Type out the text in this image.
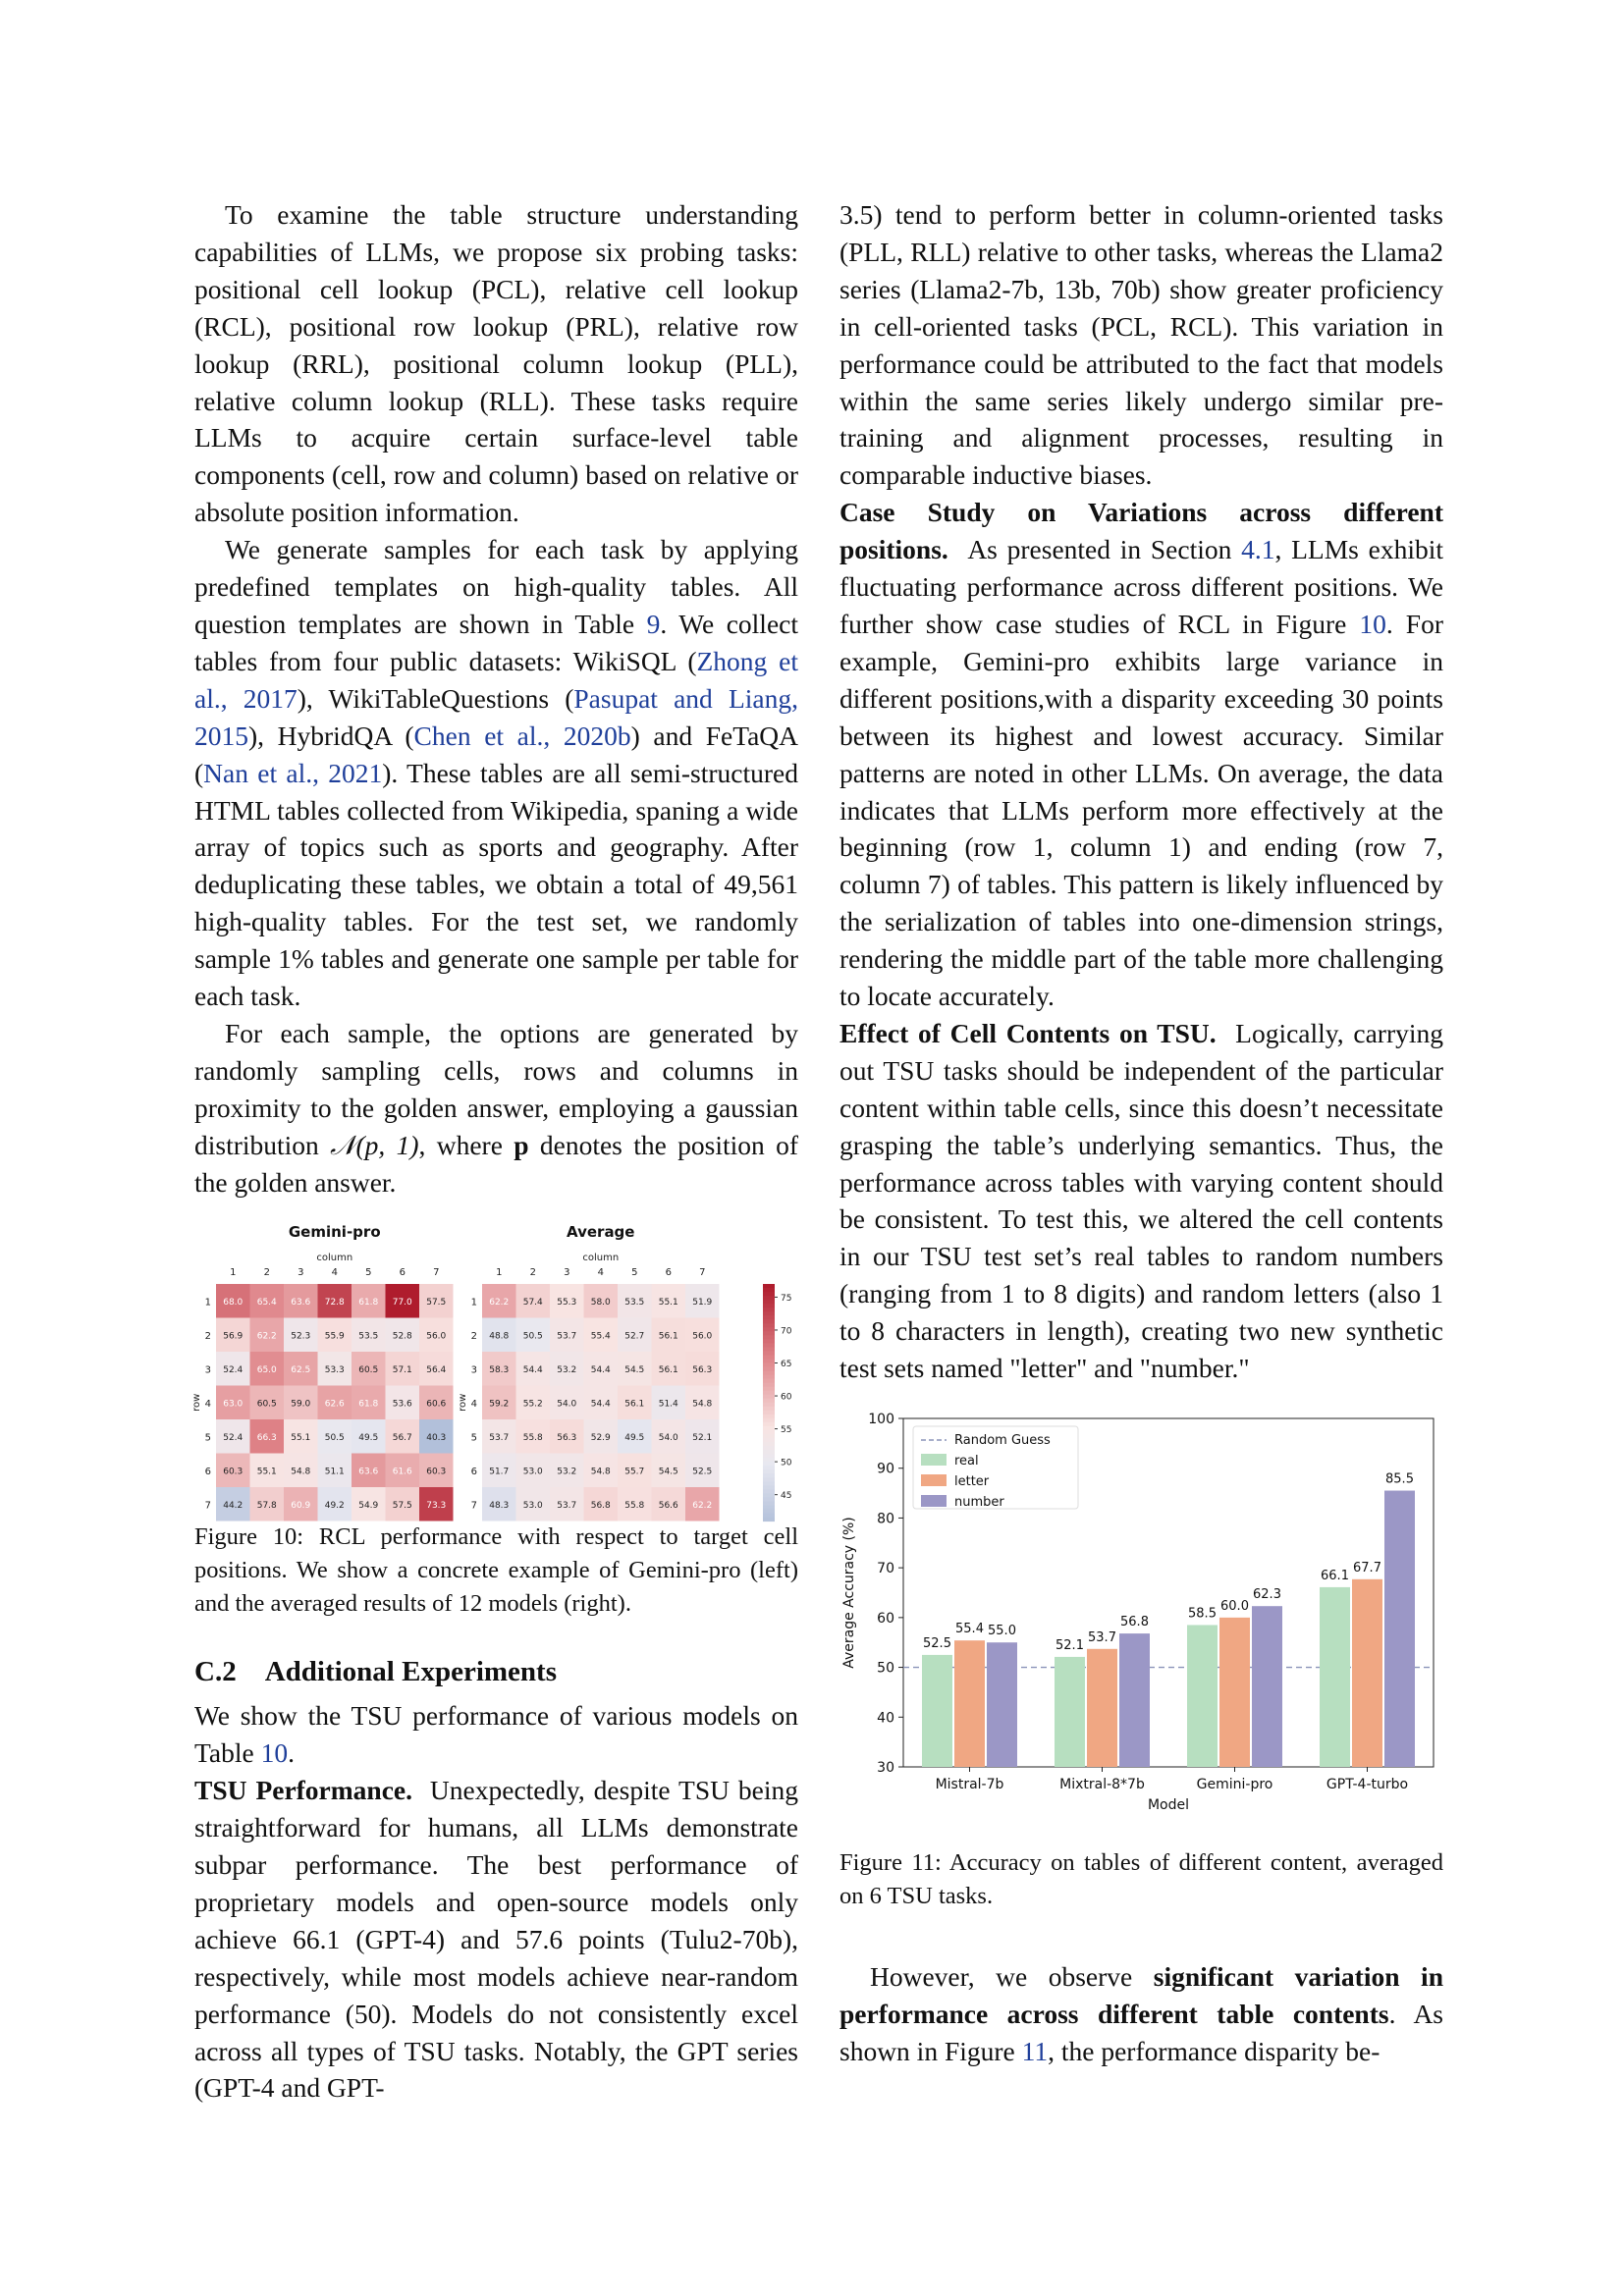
To examine the table structure understanding capabilities of LLMs, we propose six probing tasks: positional cell lookup (PCL), relative cell lookup (RCL), positional row lookup (PRL), relative row lookup (RRL), positional column lookup (PLL), relative column lookup (RLL). These tasks require LLMs to acquire certain surface-level table components (cell, row and column) based on relative or absolute position information.

We generate samples for each task by applying predefined templates on high-quality tables. All question templates are shown in Table 9. We collect tables from four public datasets: WikiSQL (Zhong et al., 2017), WikiTableQuestions (Pasupat and Liang, 2015), HybridQA (Chen et al., 2020b) and FeTaQA (Nan et al., 2021). These tables are all semi-structured HTML tables collected from Wikipedia, spaning a wide array of topics such as sports and geography. After deduplicating these tables, we obtain a total of 49,561 high-quality tables. For the test set, we randomly sample 1% tables and generate one sample per table for each task.

For each sample, the options are generated by randomly sampling cells, rows and columns in proximity to the golden answer, employing a gaussian distribution 𝒩(p, 1), where p denotes the position of the golden answer.

Gemini-pro
column
1	2	3	4	5	6	7
row
1
2
3
4
5
6
7
68.0 65.4 63.6 72.8 61.8 77.0 57.5
56.9 62.2 52.3 55.9 53.5 52.8 56.0
52.4 65.0 62.5 53.3 60.5 57.1 56.4
63.0 60.5 59.0 62.6 61.8 53.6 60.6
52.4 66.3 55.1 50.5 49.5 56.7 40.3
60.3 55.1 54.8 51.1 63.6 61.6 60.3
44.2 57.8 60.9 49.2 54.9 57.5 73.3
Average
column
1	2	3	4	5	6	7
row
1
2
3
4
5
6
7
62.2 57.4 55.3 58.0 53.5 55.1 51.9
48.8 50.5 53.7 55.4 52.7 56.1 56.0
58.3 54.4 53.2 54.4 54.5 56.1 56.3
59.2 55.2 54.0 54.4 56.1 51.4 54.8
53.7 55.8 56.3 52.9 49.5 54.0 52.1
51.7 53.0 53.2 54.8 55.7 54.5 52.5
48.3 53.0 53.7 56.8 55.8 56.6 62.2
45
50
55
60
65
70
75

Figure 10: RCL performance with respect to target cell positions. We show a concrete example of Gemini-pro (left) and the averaged results of 12 models (right).

C.2 Additional Experiments

We show the TSU performance of various models on Table 10.

TSU Performance. Unexpectedly, despite TSU being straightforward for humans, all LLMs demonstrate subpar performance. The best performance of proprietary models and open-source models only achieve 66.1 (GPT-4) and 57.6 points (Tulu2-70b), respectively, while most models achieve near-random performance (50). Models do not consistently excel across all types of TSU tasks. Notably, the GPT series (GPT-4 and GPT-

3.5) tend to perform better in column-oriented tasks (PLL, RLL) relative to other tasks, whereas the Llama2 series (Llama2-7b, 13b, 70b) show greater proficiency in cell-oriented tasks (PCL, RCL). This variation in performance could be attributed to the fact that models within the same series likely undergo similar pre-training and alignment processes, resulting in comparable inductive biases.

Case Study on Variations across different positions. As presented in Section 4.1, LLMs exhibit fluctuating performance across different positions. We further show case studies of RCL in Figure 10. For example, Gemini-pro exhibits large variance in different positions,with a disparity exceeding 30 points between its highest and lowest accuracy. Similar patterns are noted in other LLMs. On average, the data indicates that LLMs perform more effectively at the beginning (row 1, column 1) and ending (row 7, column 7) of tables. This pattern is likely influenced by the serialization of tables into one-dimension strings, rendering the middle part of the table more challenging to locate accurately.

Effect of Cell Contents on TSU. Logically, carrying out TSU tasks should be independent of the particular content within table cells, since this doesn’t necessitate grasping the table’s underlying semantics. Thus, the performance across tables with varying content should be consistent. To test this, we altered the cell contents in our TSU test set’s real tables to random numbers (ranging from 1 to 8 digits) and random letters (also 1 to 8 characters in length), creating two new synthetic test sets named "letter" and "number."

30
40
50
60
70
80
90
100
Average Accuracy (%)	52.5
55.4 55.0
Mistral-7b
52.1
53.7
56.8
Mixtral-8*7b
58.5
60.0
62.3
Gemini-pro
66.1
67.7
85.5
GPT-4-turbo
Model
Random Guess
real
letter
number

Figure 11: Accuracy on tables of different content, averaged on 6 TSU tasks.

However, we observe significant variation in performance across different table contents. As shown in Figure 11, the performance disparity be-
